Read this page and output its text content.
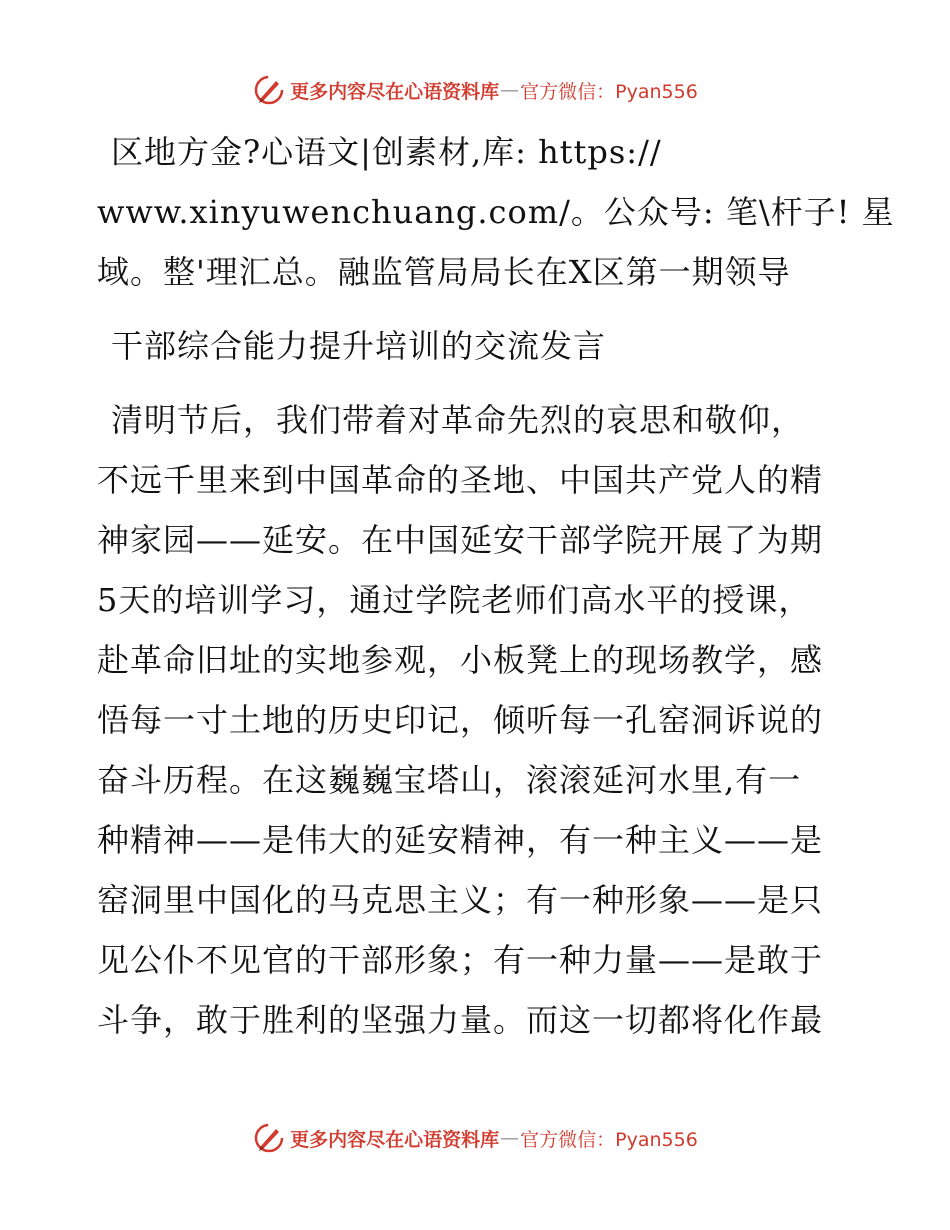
更多内容尽在心语资料库 — 官方微信：Pyan556
区地方金?心语文|创素材,库: https://
www.xinyuwenchuang.com/。公众号: 笔\杆子! 星
域。整'理汇总。融监管局局长在X区第一期领导
干部综合能力提升培训的交流发言
清明节后，我们带着对革命先烈的哀思和敬仰，
不远千里来到中国革命的圣地、中国共产党人的精
神家园——延安。在中国延安干部学院开展了为期
5天的培训学习，通过学院老师们高水平的授课，
赴革命旧址的实地参观，小板凳上的现场教学，感
悟每一寸土地的历史印记，倾听每一孔窑洞诉说的
奋斗历程。在这巍巍宝塔山，滚滚延河水里,有一
种精神——是伟大的延安精神，有一种主义——是
窑洞里中国化的马克思主义；有一种形象——是只
见公仆不见官的干部形象；有一种力量——是敢于
斗争，敢于胜利的坚强力量。而这一切都将化作最
更多内容尽在心语资料库 — 官方微信：Pyan556
